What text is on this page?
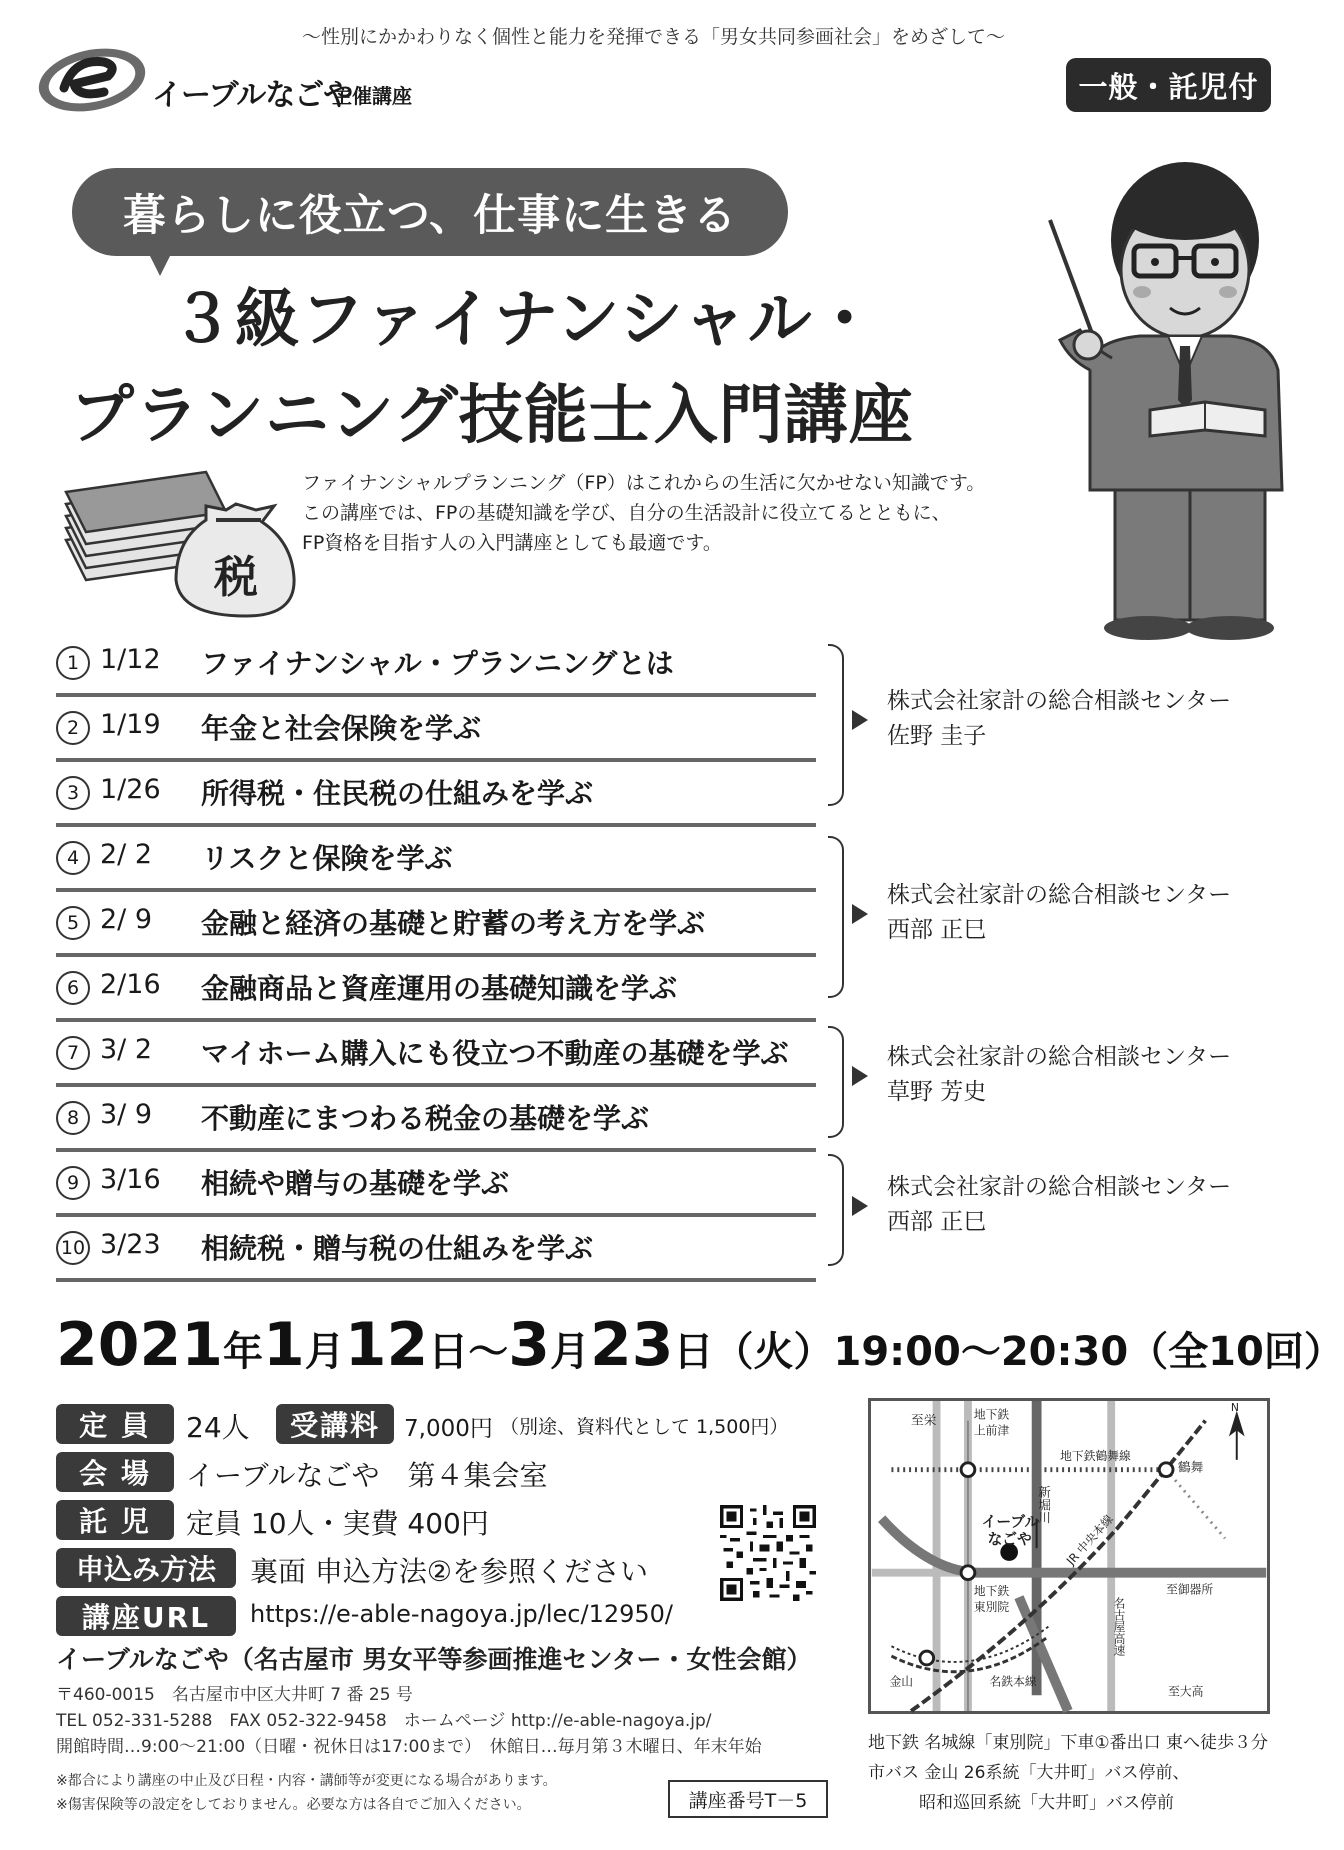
～性別にかかわりなく個性と能力を発揮できる「男女共同参画社会」をめざして～
イーブルなごや
主催講座	一般・託児付
暮らしに役立つ、仕事に生きる
３級ファイナンシャル・
プランニング技能士入門講座
税
ファイナンシャルプランニング（FP）はこれからの生活に欠かせない知識です。
この講座では、FPの基礎知識を学び、自分の生活設計に役立てるとともに、
FP資格を目指す人の入門講座としても最適です。
1 1/12 ファイナンシャル・プランニングとは
2 1/19 年金と社会保険を学ぶ
3 1/26 所得税・住民税の仕組みを学ぶ
4 2/ 2 リスクと保険を学ぶ
5 2/ 9 金融と経済の基礎と貯蓄の考え方を学ぶ
6 2/16 金融商品と資産運用の基礎知識を学ぶ
7 3/ 2 マイホーム購入にも役立つ不動産の基礎を学ぶ
8 3/ 9 不動産にまつわる税金の基礎を学ぶ
9 3/16 相続や贈与の基礎を学ぶ
10 3/23 相続税・贈与税の仕組みを学ぶ
株式会社家計の総合相談センター
佐野 圭子
株式会社家計の総合相談センター
西部 正巳
株式会社家計の総合相談センター
草野 芳史
株式会社家計の総合相談センター
西部 正巳
2021年1月12日～3月23日（火）19:00～20:30（全10回）
定 員	24人	受講料	7,000円 （別途、資料代として 1,500円）
会 場	イーブルなごや　第４集会室
託 児	定員 10人・実費 400円
申込み方法	裏面 申込方法②を参照ください
講座URL	https://e-able-nagoya.jp/lec/12950/
至栄	地下鉄
上前津
地下鉄鶴舞線
鶴舞
新堀川
イーブル
なごや	JR 中央本線
地下鉄
東別院	名古屋高速
至御器所
金山	名鉄本線
至大高
N
地下鉄 名城線「東別院」下車①番出口 東へ徒歩３分
市バス 金山 26系統「大井町」バス停前、
　　　昭和巡回系統「大井町」バス停前
イーブルなごや（名古屋市 男女平等参画推進センター・女性会館）
〒460-0015　名古屋市中区大井町 7 番 25 号
TEL 052-331-5288　FAX 052-322-9458　ホームページ http://e-able-nagoya.jp/
開館時間…9:00～21:00（日曜・祝休日は17:00まで）　休館日…毎月第３木曜日、年末年始
※都合により講座の中止及び日程・内容・講師等が変更になる場合があります。
※傷害保険等の設定をしておりません。必要な方は各自でご加入ください。	講座番号T－5
